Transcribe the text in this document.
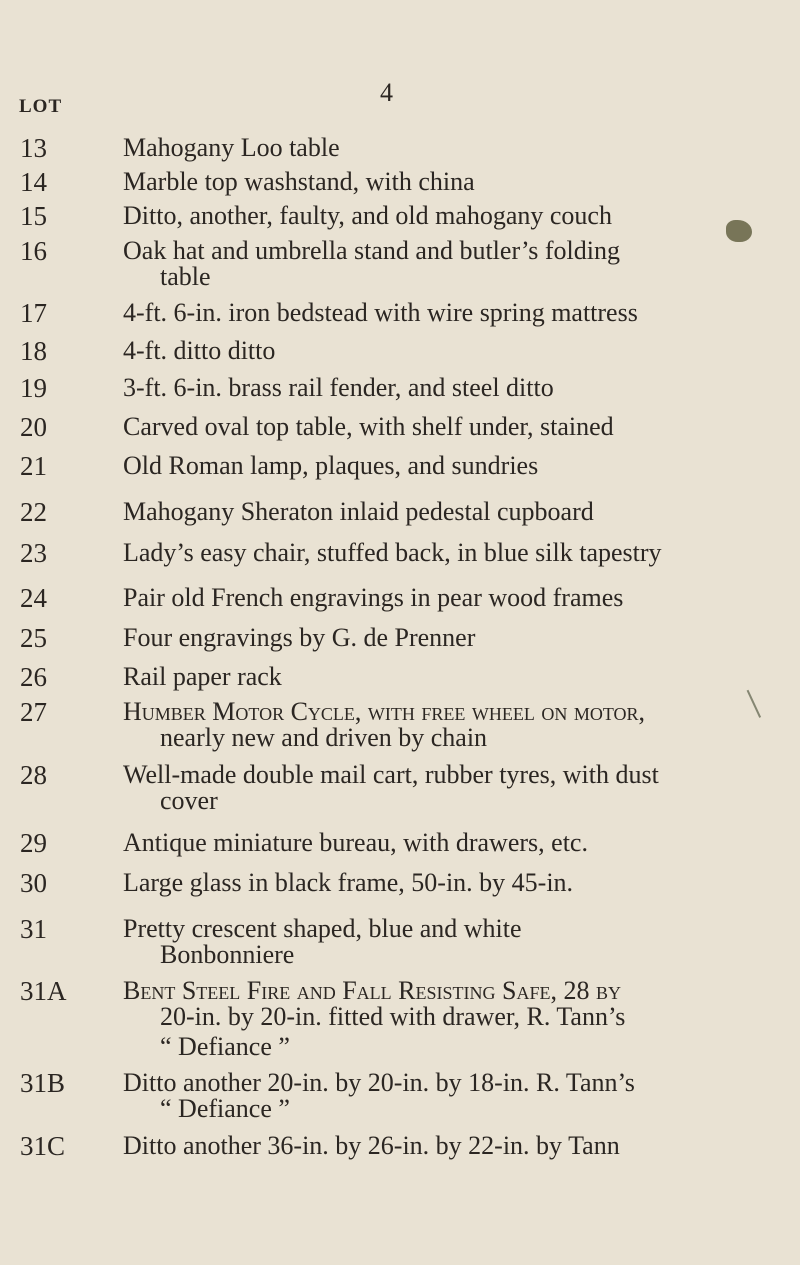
4
LOT
13	Mahogany Loo table
14	Marble top washstand, with china
15	Ditto, another, faulty, and old mahogany couch
16	Oak hat and umbrella stand and butler’s folding
table
17	4-ft. 6-in. iron bedstead with wire spring mattress
18	4-ft. ditto ditto
19	3-ft. 6-in. brass rail fender, and steel ditto
20	Carved oval top table, with shelf under, stained
21	Old Roman lamp, plaques, and sundries
22	Mahogany Sheraton inlaid pedestal cupboard
23	Lady’s easy chair, stuffed back, in blue silk tapestry
24	Pair old French engravings in pear wood frames
25	Four engravings by G. de Prenner
26	Rail paper rack
27	Humber Motor Cycle, with free wheel on motor,
nearly new and driven by chain
28	Well-made double mail cart, rubber tyres, with dust
cover
29	Antique miniature bureau, with drawers, etc.
30	Large glass in black frame, 50-in. by 45-in.
31	Pretty crescent shaped, blue and white
Bonbonniere
31A Bent Steel Fire and Fall Resisting Safe, 28 by
20-in. by 20-in. fitted with drawer, R. Tann’s
“ Defiance ”
31B Ditto another 20-in. by 20-in. by 18-in. R. Tann’s
“ Defiance ”
31C Ditto another 36-in. by 26-in. by 22-in. by Tann
